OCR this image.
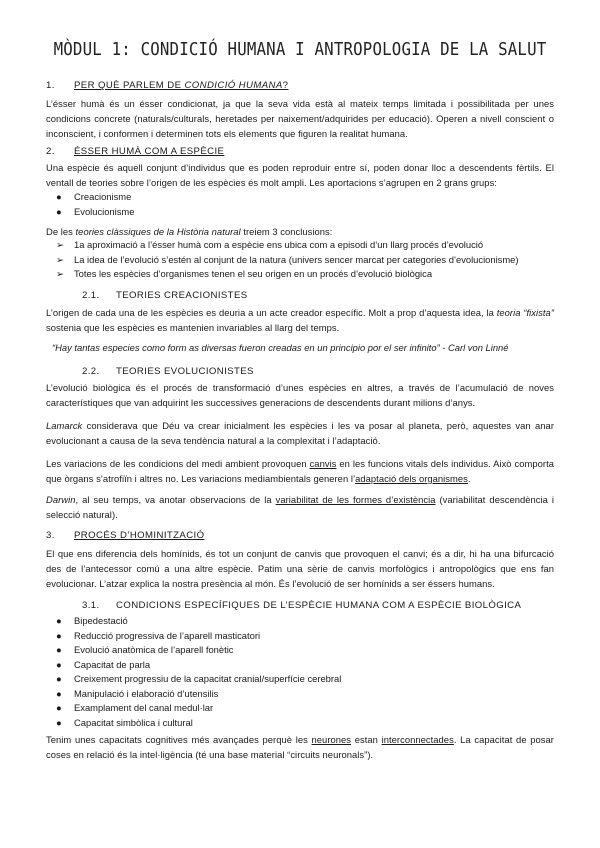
MÒDUL 1: CONDICIÓ HUMANA I ANTROPOLOGIA DE LA SALUT
1. PER QUÈ PARLEM DE CONDICIÓ HUMANA?
L’ésser humà és un ésser condicionat, ja que la seva vida està al mateix temps limitada i possibilitada per unes condicions concrete (naturals/culturals, heretades per naixement/adquirides per educació). Operen a nivell conscient o inconscient, i conformen i determinen tots els elements que figuren la realitat humana.
2. ÉSSER HUMÀ COM A ESPÈCIE
Una espècie és aquell conjunt d’individus que es poden reproduir entre sí, poden donar lloc a descendents fèrtils. El ventall de teories sobre l’origen de les espècies és molt ampli. Les aportacions s’agrupen en 2 grans grups:
●	Creacionisme
●	Evolucionisme
De les teories clàssiques de la Història natural treiem 3 conclusions:
➢	1a aproximació a l’ésser humà com a espècie ens ubica com a episodi d’un llarg procés d’evolució
➢	La idea de l’evolució s’estén al conjunt de la natura (univers sencer marcat per categories d’evolucionisme)
➢	Totes les espècies d’organismes tenen el seu origen en un procés d’evolució biològica
2.1. TEORIES CREACIONISTES
L’origen de cada una de les espècies es deuria a un acte creador específic. Molt a prop d’aquesta idea, la teoria “fixista” sostenia que les espècies es mantenien invariables al llarg del temps.
“Hay tantas especies como form as diversas fueron creadas en un principio por el ser infinito” - Carl von Linné
2.2. TEORIES EVOLUCIONISTES
L’evolució biològica és el procés de transformació d’unes espècies en altres, a través de l’acumulació de noves característiques que van adquirint les successives generacions de descendents durant milions d’anys.
Lamarck considerava que Déu va crear inicialment les espècies i les va posar al planeta, però, aquestes van anar evolucionant a causa de la seva tendència natural a la complexitat i l’adaptació.
Les variacions de les condicions del medi ambient provoquen canvis en les funcions vitals dels individus. Això comporta que òrgans s’atrofiïn i altres no. Les variacions mediambientals generen l’adaptació dels organismes.
Darwin, al seu temps, va anotar observacions de la variabilitat de les formes d’existència (variabilitat descendència i selecció natural).
3. PROCÉS D’HOMINITZACIÓ
El que ens diferencia dels homínids, és tot un conjunt de canvis que provoquen el canvi; és a dir, hi ha una bifurcació des de l’antecessor comú a una altre espècie. Patim una sèrie de canvis morfològics i antropològics que ens fan evolucionar. L’atzar explica la nostra presència al món. És l’evolució de ser homínids a ser éssers humans.
3.1. CONDICIONS ESPECÍFIQUES DE L’ESPÈCIE HUMANA COM A ESPÈCIE BIOLÒGICA
●	Bipedestació
●	Reducció progressiva de l’aparell masticatori
●	Evolució anatòmica de l’aparell fonètic
●	Capacitat de parla
●	Creixement progressiu de la capacitat cranial/superfície cerebral
●	Manipulació i elaboració d’utensilis
●	Examplament del canal medul·lar
●	Capacitat simbòlica i cultural
Tenim unes capacitats cognitives més avançades perquè les neurones estan interconnectades. La capacitat de posar coses en relació és la intel·ligència (té una base material “circuits neuronals”).
